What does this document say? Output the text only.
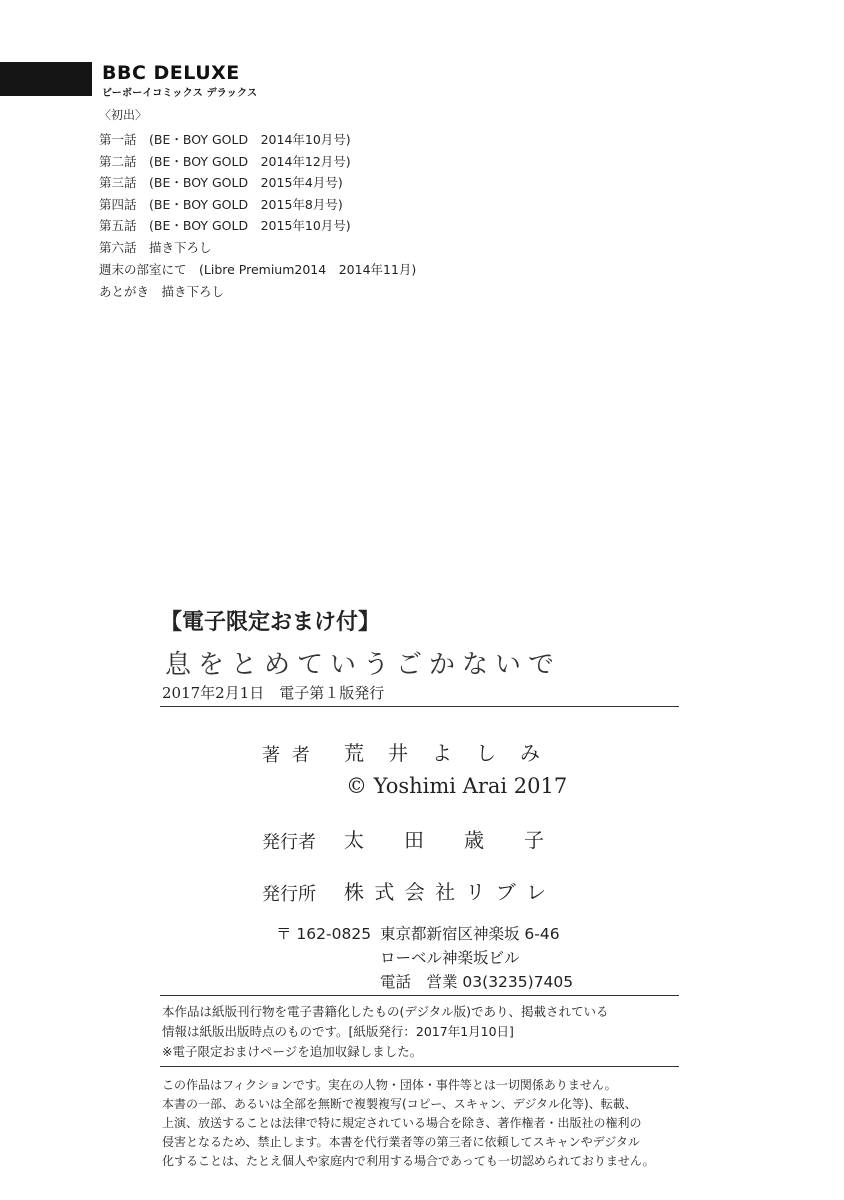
BBC DELUXE
ビーボーイコミックス デラックス
〈初出〉
第一話　(BE・BOY GOLD　2014年10月号)
第二話　(BE・BOY GOLD　2014年12月号)
第三話　(BE・BOY GOLD　2015年4月号)
第四話　(BE・BOY GOLD　2015年8月号)
第五話　(BE・BOY GOLD　2015年10月号)
第六話　描き下ろし
週末の部室にて　(Libre Premium2014　2014年11月)
あとがき　描き下ろし
【電子限定おまけ付】
息をとめていうごかないで
2017年2月1日　電子第１版発行
著 者 荒　井　よ　し　み
© Yoshimi Arai 2017
発行者 太　　田　　歳　　子
発行所 株 式 会 社 リ ブ レ
〒 162-0825 東京都新宿区神楽坂 6-46
ローベル神楽坂ビル
電話　営業 03(3235)7405
本作品は紙版刊行物を電子書籍化したもの(デジタル版)であり、掲載されている
情報は紙版出版時点のものです。[紙版発行：2017年1月10日]
※電子限定おまけページを追加収録しました。
この作品はフィクションです。実在の人物・団体・事件等とは一切関係ありません。
本書の一部、あるいは全部を無断で複製複写(コピー、スキャン、デジタル化等)、転載、
上演、放送することは法律で特に規定されている場合を除き、著作権者・出版社の権利の
侵害となるため、禁止します。本書を代行業者等の第三者に依頼してスキャンやデジタル
化することは、たとえ個人や家庭内で利用する場合であっても一切認められておりません。
